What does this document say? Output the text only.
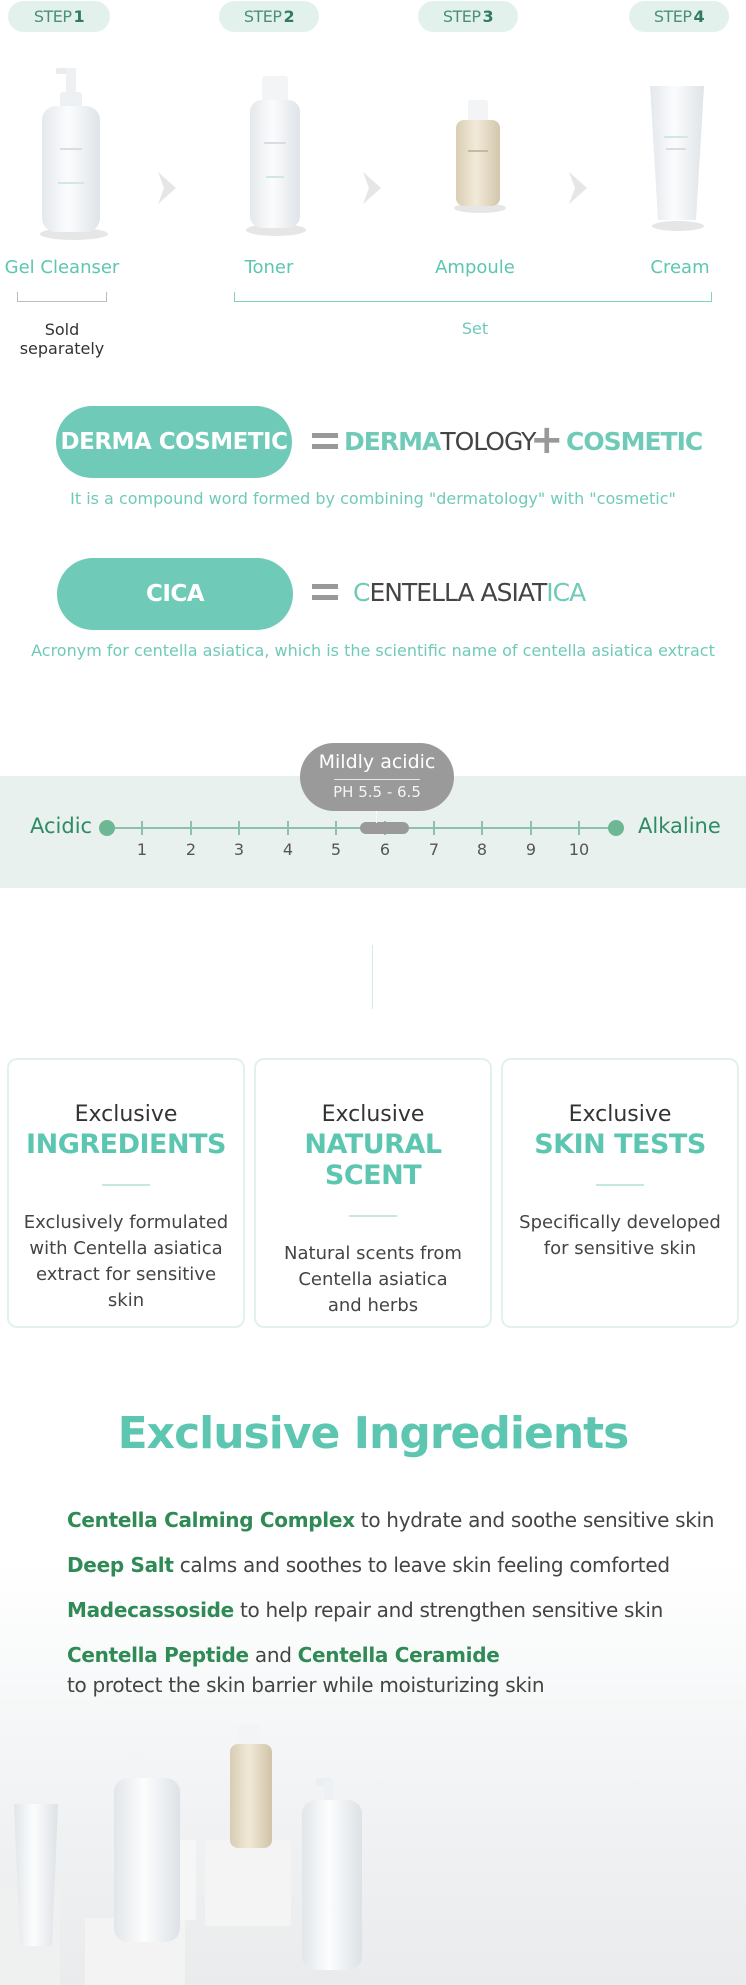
STEP 1	STEP 2	STEP 3	STEP 4
Gel Cleanser	Toner	Ampoule	Cream
Sold separately
Set
DERMA COSMETIC DERMATOLOGY
+ COSMETIC
It is a compound word formed by combining "dermatology" with "cosmetic"
CICA	CENTELLA ASIATICA
Acronym for centella asiatica, which is the scientific name of centella asiatica extract
Acidic	Alkaline
1	2	3	4	5	6	7	8	9	10
Mildly acidic
PH 5.5 - 6.5
Exclusive
INGREDIENTS
Exclusively formulated
with Centella asiatica
extract for sensitive skin
Exclusive
NATURAL SCENT
Natural scents from
Centella asiatica
and herbs
Exclusive
SKIN TESTS
Specifically developed
for sensitive skin
Exclusive Ingredients
Centella Calming Complex to hydrate and soothe sensitive skin
Deep Salt calms and soothes to leave skin feeling comforted
Madecassoside to help repair and strengthen sensitive skin
Centella Peptide and Centella Ceramide
to protect the skin barrier while moisturizing skin
